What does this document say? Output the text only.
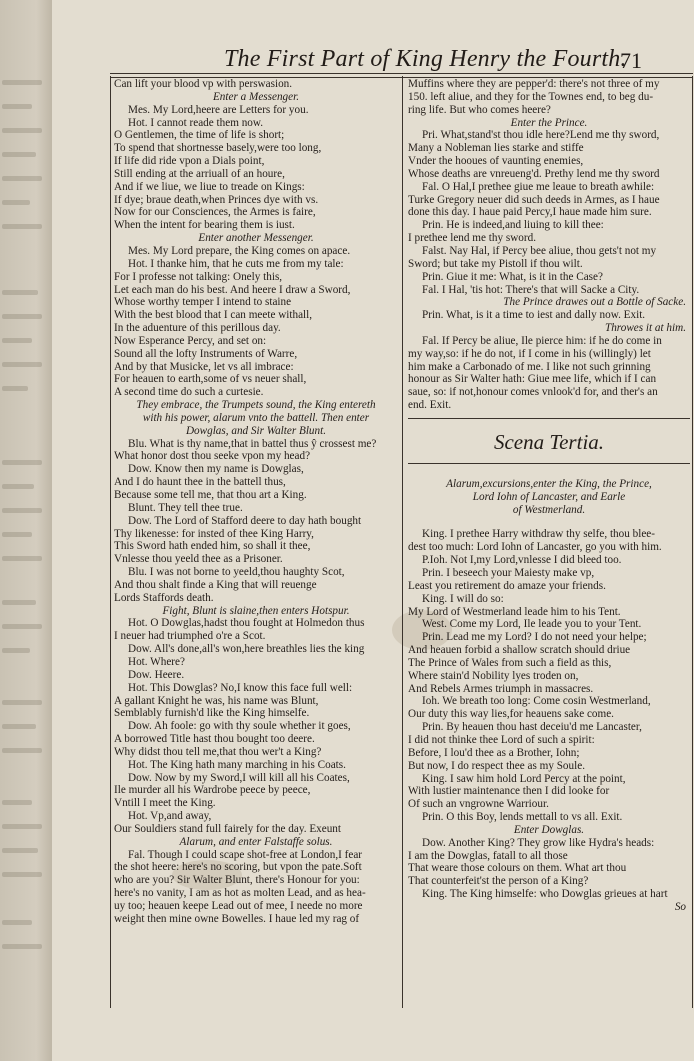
The First Part of King Henry the Fourth.
71
Can lift your blood vp with perswasion.
Enter a Messenger.
Mes. My Lord,heere are Letters for you.
Hot. I cannot reade them now.
O Gentlemen, the time of life is short;
To spend that shortnesse basely,were too long,
If life did ride vpon a Dials point,
Still ending at the arriuall of an houre,
And if we liue, we liue to treade on Kings:
If dye; braue death,when Princes dye with vs.
Now for our Consciences, the Armes is faire,
When the intent for bearing them is iust.
Enter another Messenger.
Mes. My Lord prepare, the King comes on apace.
Hot. I thanke him, that he cuts me from my tale:
For I professe not talking: Onely this,
Let each man do his best. And heere I draw a Sword,
Whose worthy temper I intend to staine
With the best blood that I can meete withall,
In the aduenture of this perillous day.
Now Esperance Percy, and set on:
Sound all the lofty Instruments of Warre,
And by that Musicke, let vs all imbrace:
For heauen to earth,some of vs neuer shall,
A second time do such a curtesie.
They embrace, the Trumpets sound, the King entereth
with his power, alarum vnto the battell. Then enter
Dowglas, and Sir Walter Blunt.
Blu. What is thy name,that in battel thus ŷ crossest me?
What honor dost thou seeke vpon my head?
Dow. Know then my name is Dowglas,
And I do haunt thee in the battell thus,
Because some tell me, that thou art a King.
Blunt. They tell thee true.
Dow. The Lord of Stafford deere to day hath bought
Thy likenesse: for insted of thee King Harry,
This Sword hath ended him, so shall it thee,
Vnlesse thou yeeld thee as a Prisoner.
Blu. I was not borne to yeeld,thou haughty Scot,
And thou shalt finde a King that will reuenge
Lords Staffords death.
Fight, Blunt is slaine,then enters Hotspur.
Hot. O Dowglas,hadst thou fought at Holmedon thus
I neuer had triumphed o're a Scot.
Dow. All's done,all's won,here breathles lies the king
Hot. Where?
Dow. Heere.
Hot. This Dowglas? No,I know this face full well:
A gallant Knight he was, his name was Blunt,
Semblably furnish'd like the King himselfe.
Dow. Ah foole: go with thy soule whether it goes,
A borrowed Title hast thou bought too deere.
Why didst thou tell me,that thou wer't a King?
Hot. The King hath many marching in his Coats.
Dow. Now by my Sword,I will kill all his Coates,
Ile murder all his Wardrobe peece by peece,
Vntill I meet the King.
Hot. Vp,and away,
Our Souldiers stand full fairely for the day. Exeunt
Alarum, and enter Falstaffe solus.
Fal. Though I could scape shot-free at London,I fear
the shot heere: here's no scoring, but vpon the pate.Soft
who are you? Sir Walter Blunt, there's Honour for you:
here's no vanity, I am as hot as molten Lead, and as hea-
uy too; heauen keepe Lead out of mee, I neede no more
weight then mine owne Bowelles. I haue led my rag of
Muffins where they are pepper'd: there's not three of my
150. left aliue, and they for the Townes end, to beg du-
ring life. But who comes heere?
Enter the Prince.
Pri. What,stand'st thou idle here?Lend me thy sword,
Many a Nobleman lies starke and stiffe
Vnder the hooues of vaunting enemies,
Whose deaths are vnreueng'd. Prethy lend me thy sword
Fal. O Hal,I prethee giue me leaue to breath awhile:
Turke Gregory neuer did such deeds in Armes, as I haue
done this day. I haue paid Percy,I haue made him sure.
Prin. He is indeed,and liuing to kill thee:
I prethee lend me thy sword.
Falst. Nay Hal, if Percy bee aliue, thou gets't not my
Sword; but take my Pistoll if thou wilt.
Prin. Giue it me: What, is it in the Case?
Fal. I Hal, 'tis hot: There's that will Sacke a City.
The Prince drawes out a Bottle of Sacke.
Prin. What, is it a time to iest and dally now. Exit.
Throwes it at him.
Fal. If Percy be aliue, Ile pierce him: if he do come in
my way,so: if he do not, if I come in his (willingly) let
him make a Carbonado of me. I like not such grinning
honour as Sir Walter hath: Giue mee life, which if I can
saue, so: if not,honour comes vnlook'd for, and ther's an
end. Exit.
Scena Tertia.
Alarum,excursions,enter the King, the Prince,
Lord Iohn of Lancaster, and Earle
of Westmerland.
King. I prethee Harry withdraw thy selfe, thou blee-
dest too much: Lord Iohn of Lancaster, go you with him.
P.Ioh. Not I,my Lord,vnlesse I did bleed too.
Prin. I beseech your Maiesty make vp,
Least you retirement do amaze your friends.
King. I will do so:
My Lord of Westmerland leade him to his Tent.
West. Come my Lord, Ile leade you to your Tent.
Prin. Lead me my Lord? I do not need your helpe;
And heauen forbid a shallow scratch should driue
The Prince of Wales from such a field as this,
Where stain'd Nobility lyes troden on,
And Rebels Armes triumph in massacres.
Ioh. We breath too long: Come cosin Westmerland,
Our duty this way lies,for heauens sake come.
Prin. By heauen thou hast deceiu'd me Lancaster,
I did not thinke thee Lord of such a spirit:
Before, I lou'd thee as a Brother, Iohn;
But now, I do respect thee as my Soule.
King. I saw him hold Lord Percy at the point,
With lustier maintenance then I did looke for
Of such an vngrowne Warriour.
Prin. O this Boy, lends mettall to vs all. Exit.
Enter Dowglas.
Dow. Another King? They grow like Hydra's heads:
I am the Dowglas, fatall to all those
That weare those colours on them. What art thou
That counterfeit'st the person of a King?
King. The King himselfe: who Dowglas grieues at hart
So
